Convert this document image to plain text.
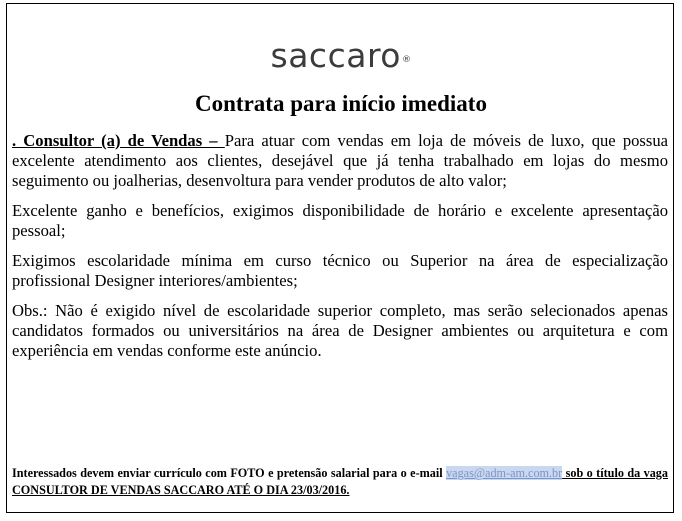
saccaro®
Contrata para início imediato

. Consultor (a) de Vendas – Para atuar com vendas em loja de móveis de luxo, que possua excelente atendimento aos clientes, desejável que já tenha trabalhado em lojas do mesmo seguimento ou joalherias, desenvoltura para vender produtos de alto valor;

Excelente ganho e benefícios, exigimos disponibilidade de horário e excelente apresentação pessoal;

Exigimos escolaridade mínima em curso técnico ou Superior na área de especialização profissional Designer interiores/ambientes;

Obs.: Não é exigido nível de escolaridade superior completo, mas serão selecionados apenas candidatos formados ou universitários na área de Designer ambientes ou arquitetura e com experiência em vendas conforme este anúncio.

Interessados devem enviar currículo com FOTO e pretensão salarial para o e-mail vagas@adm-am.com.br sob o título da vaga CONSULTOR DE VENDAS SACCARO ATÉ O DIA 23/03/2016.
